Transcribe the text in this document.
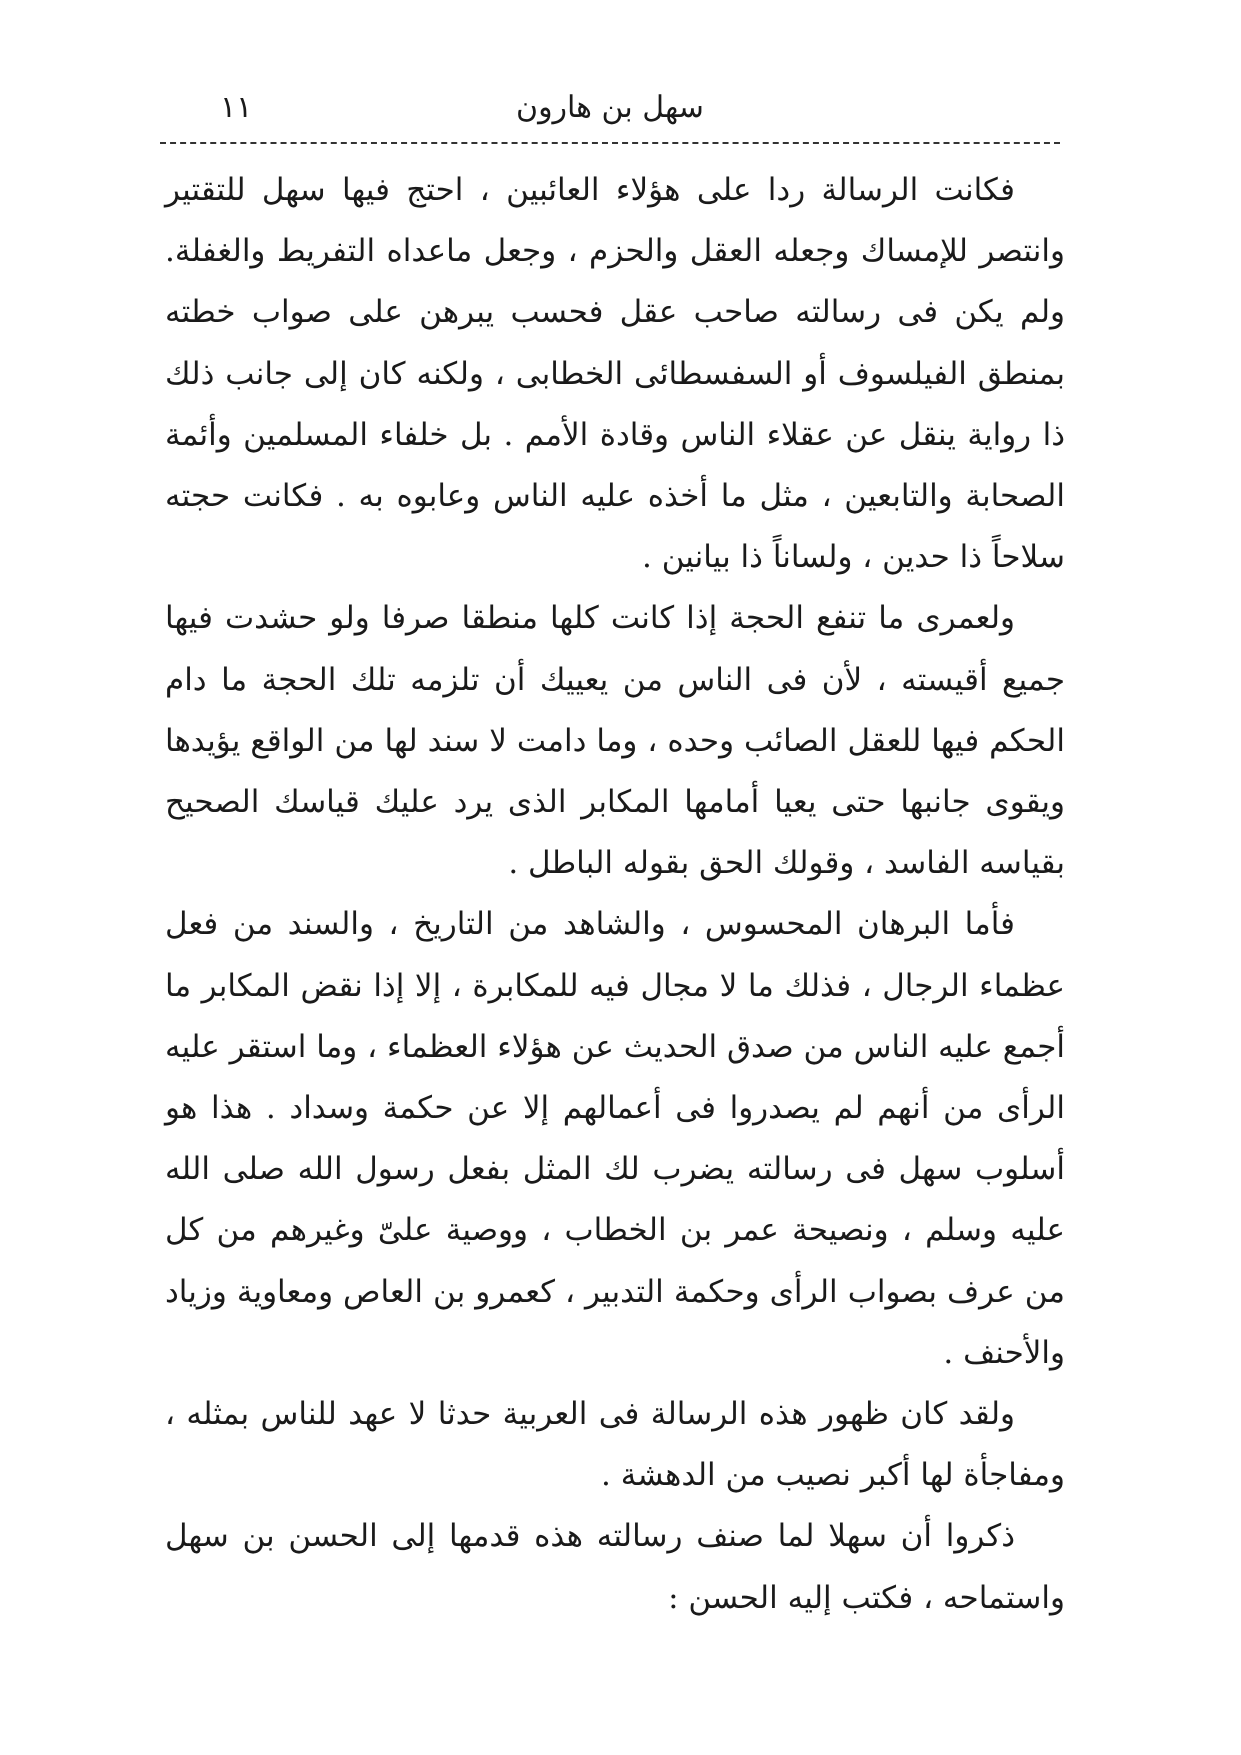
سهل بن هارون
١١

فكانت الرسالة ردا على هؤلاء العائبين ، احتج فيها سهل للتقتير وانتصر للإمساك وجعله العقل والحزم ، وجعل ماعداه التفريط والغفلة. ولم يكن فى رسالته صاحب عقل فحسب يبرهن على صواب خطته بمنطق الفيلسوف أو السفسطائى الخطابى ، ولكنه كان إلى جانب ذلك ذا رواية ينقل عن عقلاء الناس وقادة الأمم . بل خلفاء المسلمين وأئمة الصحابة والتابعين ، مثل ما أخذه عليه الناس وعابوه به . فكانت حجته سلاحاً ذا حدين ، ولساناً ذا بيانين .

ولعمرى ما تنفع الحجة إذا كانت كلها منطقا صرفا ولو حشدت فيها جميع أقيسته ، لأن فى الناس من يعييك أن تلزمه تلك الحجة ما دام الحكم فيها للعقل الصائب وحده ، وما دامت لا سند لها من الواقع يؤيدها ويقوى جانبها حتى يعيا أمامها المكابر الذى يرد عليك قياسك الصحيح بقياسه الفاسد ، وقولك الحق بقوله الباطل .

فأما البرهان المحسوس ، والشاهد من التاريخ ، والسند من فعل عظماء الرجال ، فذلك ما لا مجال فيه للمكابرة ، إلا إذا نقض المكابر ما أجمع عليه الناس من صدق الحديث عن هؤلاء العظماء ، وما استقر عليه الرأى من أنهم لم يصدروا فى أعمالهم إلا عن حكمة وسداد . هذا هو أسلوب سهل فى رسالته يضرب لك المثل بفعل رسول الله صلى الله عليه وسلم ، ونصيحة عمر بن الخطاب ، ووصية علىّ وغيرهم من كل من عرف بصواب الرأى وحكمة التدبير ، كعمرو بن العاص ومعاوية وزياد والأحنف .

ولقد كان ظهور هذه الرسالة فى العربية حدثا لا عهد للناس بمثله ، ومفاجأة لها أكبر نصيب من الدهشة .

ذكروا أن سهلا لما صنف رسالته هذه قدمها إلى الحسن بن سهل واستماحه ، فكتب إليه الحسن :
